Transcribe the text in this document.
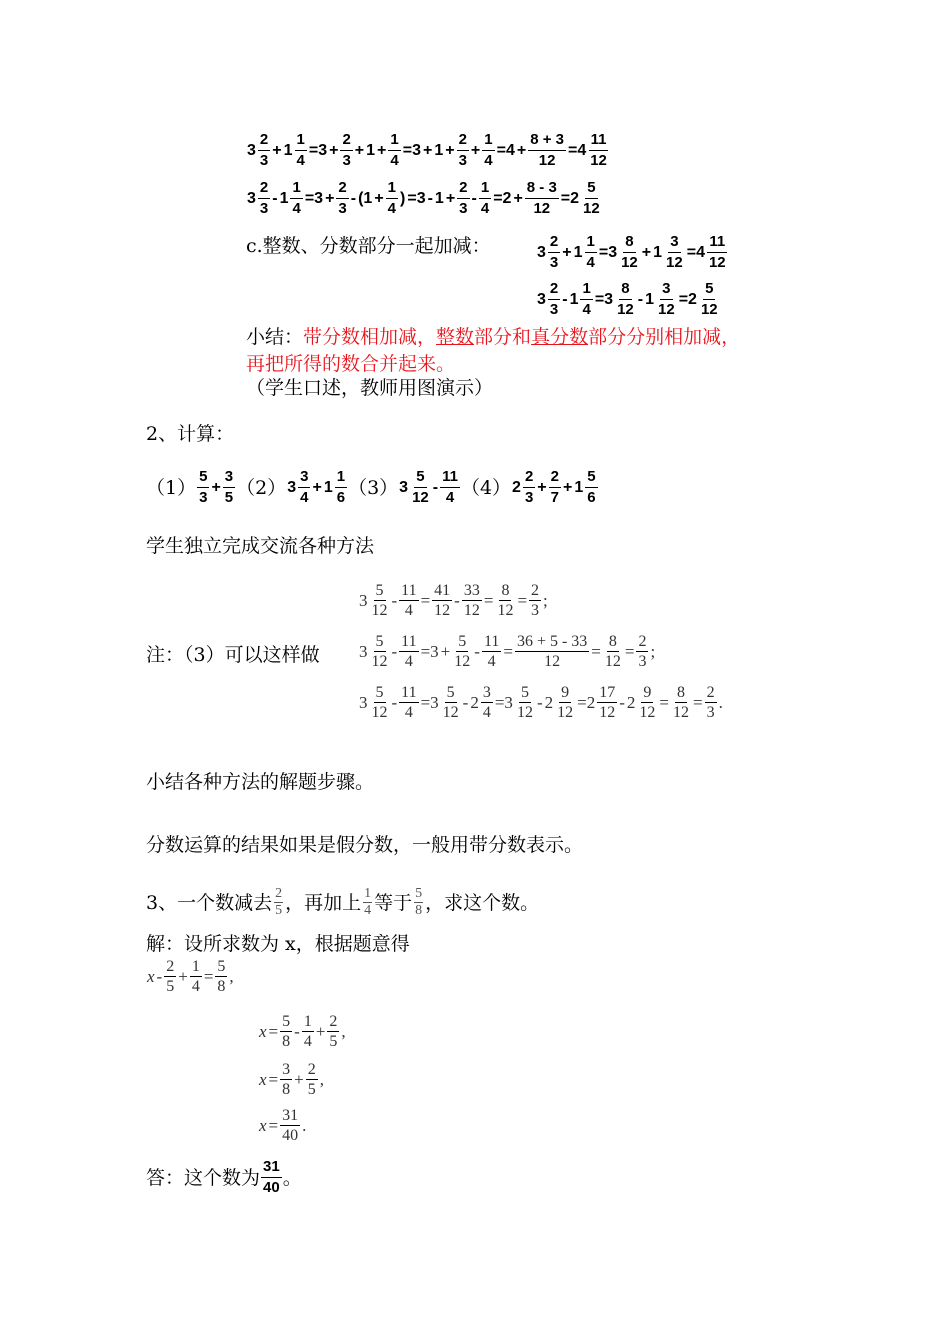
$3 \frac{2}{3} + 1 \frac{1}{4} =3 + \frac{2}{3} + 1 + \frac{1}{4} =3 + 1 + \frac{2}{3} + \frac{1}{4} =4 + \frac{8 + 3}{12} =4 \frac{11}{12}$
$3 \frac{2}{3} - 1 \frac{1}{4} =3 + \frac{2}{3} - (1 + \frac{1}{4}$ ) $=3 - 1 + \frac{2}{3} - \frac{1}{4} =2 + \frac{8 - 3}{12} =2 \frac{5}{12}$
c.整数、分数部分一起加减：	$3 \frac{2}{3} + 1 \frac{1}{4} =3 \frac{8}{12} + 1 \frac{3}{12} =4 \frac{11}{12}$
$3 \frac{2}{3} - 1 \frac{1}{4} =3 \frac{8}{12} - 1 \frac{3}{12} =2 \frac{5}{12}$
小结： 带分数相加减， 整数 部分和 真分数 部分分别相加减，
再把所得的数合并起来。
（学生口述，教师用图演示）
2、计算：
$(1) \frac{5}{3} + \frac{3}{5} (2)$ $3 \frac{3}{4} + 1 \frac{1}{6} (3)$ $3 \frac{5}{12} - \frac{11}{4} (4)$ $2 \frac{2}{3} + \frac{2}{7} + 1 \frac{5}{6}$
学生独立完成交流各种方法
$3 \frac{5}{12} - \frac{11}{4} = \frac{41}{12} - \frac{33}{12} = \frac{8}{12} = \frac{2}{3}$ ;
注：（3）可以这样做 $3 \frac{5}{12} - \frac{11}{4} =3 + \frac{5}{12} - \frac{11}{4} = \frac{36 + 5 - 33}{12} = \frac{8}{12} = \frac{2}{3}$ ;
$3 \frac{5}{12} - \frac{11}{4} =3 \frac{5}{12} - 2 \frac{3}{4} =3 \frac{5}{12} - 2 \frac{9}{12} =2 \frac{17}{12} - 2 \frac{9}{12} = \frac{8}{12} = \frac{2}{3}$ .
小结各种方法的解题步骤。
分数运算的结果如果是假分数，一般用带分数表示。
3、一个数减去 $\frac{2}{5}$ ，再加上 $\frac{1}{4}$ 等于 $\frac{5}{8}$ ，求这个数。
解：设所求数为 x，根据题意得
$x - \frac{2}{5} + \frac{1}{4} = \frac{5}{8}$ ,
$x = \frac{5}{8} - \frac{1}{4} + \frac{2}{5}$ ,
$x = \frac{3}{8} + \frac{2}{5}$ ,
$x = \frac{31}{40}$ .
答：这个数为 $\frac{31}{40}$ 。
